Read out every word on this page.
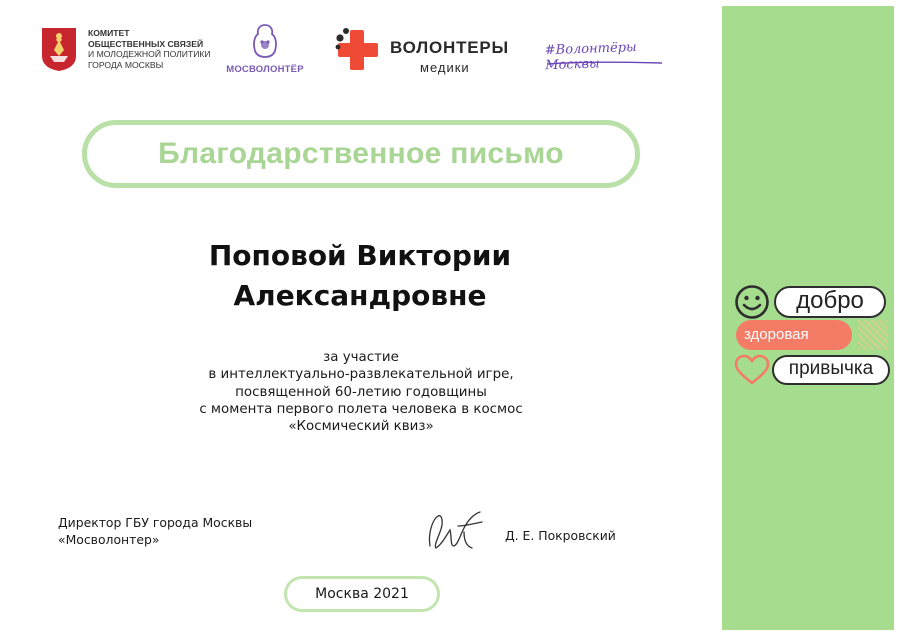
КОМИТЕТ
ОБЩЕСТВЕННЫХ СВЯЗЕЙ
И МОЛОДЕЖНОЙ ПОЛИТИКИ
ГОРОДА МОСКВЫ	МОСВОЛОНТЁР
ВОЛОНТЕРЫ
медики
#Волонтёры Москвы
Благодарственное письмо
Поповой Виктории
Александровне
за участие
в интеллектуально-развлекательной игре,
посвященной 60-летию годовщины
с момента первого полета человека в космос
«Космический квиз»
Директор ГБУ города Москвы
«Мосволонтер»	Д. Е. Покровский
Москва 2021
добро
здоровая
привычка
